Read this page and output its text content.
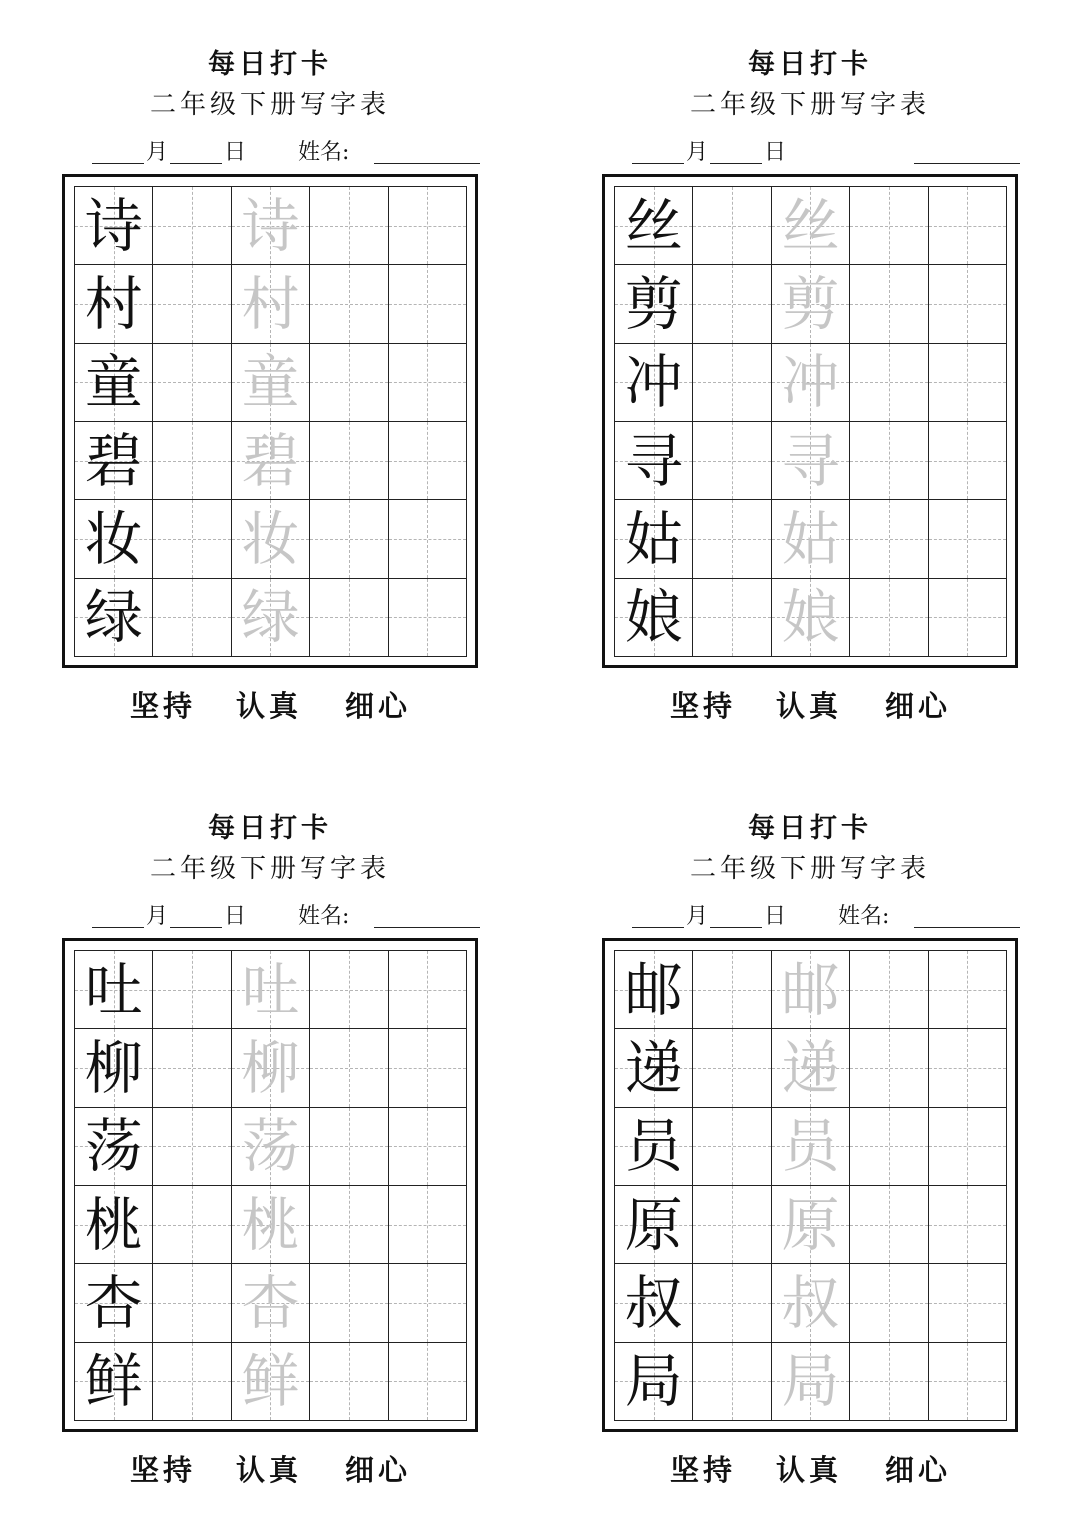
每日打卡
二年级下册写字表
月	日 姓名:
诗 诗
村 村
童 童
碧 碧
妆 妆
绿 绿
坚持 认真 细心
每日打卡
二年级下册写字表
月	日
丝 丝
剪 剪
冲 冲
寻 寻
姑 姑
娘 娘
坚持 认真 细心
每日打卡
二年级下册写字表
月	日 姓名:
吐 吐
柳 柳
荡 荡
桃 桃
杏 杏
鲜 鲜
坚持 认真 细心
每日打卡
二年级下册写字表
月	日 姓名:
邮 邮
递 递
员 员
原 原
叔 叔
局 局
坚持 认真 细心
